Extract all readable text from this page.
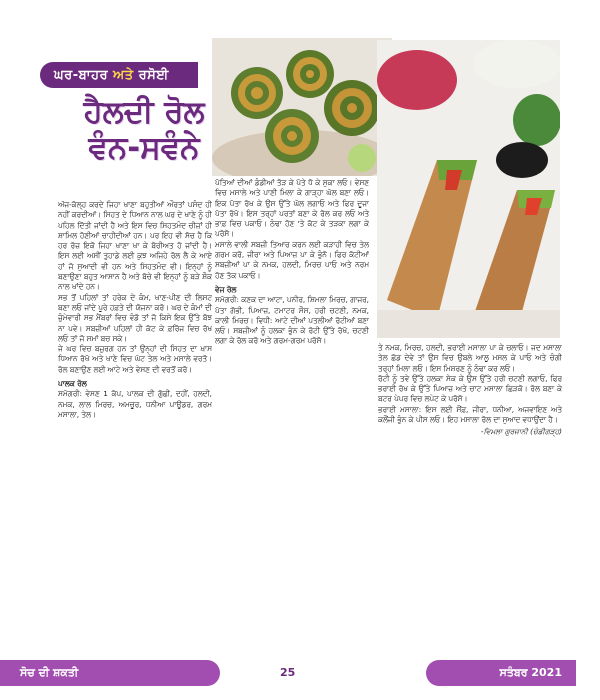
ਘਰ-ਬਾਹਰ ਅਤੇ ਰਸੋਈ
ਹੈਲਦੀ ਰੋਲ
ਵੰਨ-ਸਵੰਨੇ

ਅੱਜ-ਕੱਲ੍ਹ ਕਰਦੇ ਜਿਹਾ ਖਾਣਾ ਬਹੁਤੀਆਂ ਔਰਤਾਂ ਪਸੰਦ ਹੀ ਨਹੀਂ ਕਰਦੀਆਂ। ਸਿਹਤ ਦੇ ਧਿਆਨ ਨਾਲ ਘਰ ਦੇ ਖਾਣੇ ਨੂੰ ਹੀ ਪਹਿਲ ਦਿੱਤੀ ਜਾਂਦੀ ਹੈ ਅਤੇ ਇਸ ਵਿਚ ਸਿਹਤਮੰਦ ਚੀਜ਼ਾਂ ਹੀ ਸ਼ਾਮਿਲ ਹੋਣੀਆਂ ਚਾਹੀਦੀਆਂ ਹਨ। ਪਰ ਇਹ ਵੀ ਸੱਚ ਹੈ ਕਿ ਹਰ ਰੋਜ਼ ਇਕੋ ਜਿਹਾ ਖਾਣਾ ਖਾ ਕੇ ਬੋਰੀਅਤ ਹੋ ਜਾਂਦੀ ਹੈ। ਇਸ ਲਈ ਅਸੀਂ ਤੁਹਾਡੇ ਲਈ ਕੁਝ ਅਜਿਹੇ ਰੋਲ ਲੈ ਕੇ ਆਏ ਹਾਂ ਜੋ ਸੁਆਦੀ ਵੀ ਹਨ ਅਤੇ ਸਿਹਤਮੰਦ ਵੀ। ਇਨ੍ਹਾਂ ਨੂੰ ਬਣਾਉਣਾ ਬਹੁਤ ਆਸਾਨ ਹੈ ਅਤੇ ਬੱਚੇ ਵੀ ਇਨ੍ਹਾਂ ਨੂੰ ਬੜੇ ਸ਼ੌਕ ਨਾਲ ਖਾਂਦੇ ਹਨ।

ਸਭ ਤੋਂ ਪਹਿਲਾਂ ਤਾਂ ਹਰੇਕ ਦੇ ਕੰਮ, ਖਾਣ-ਪੀਣ ਦੀ ਲਿਸਟ ਬਣਾ ਲਓ ਜਾਂਦੇ ਪੂਰੇ ਹਫ਼ਤੇ ਦੀ ਯੋਜਨਾ ਕਰੋ। ਘਰ ਦੇ ਕੰਮਾਂ ਦੀ ਜ਼ੁੰਮੇਵਾਰੀ ਸਭ ਮੈਂਬਰਾਂ ਵਿਚ ਵੰਡੋ ਤਾਂ ਜੋ ਕਿਸੇ ਇਕ ਉੱਤੇ ਬੋਝ ਨਾ ਪਵੇ। ਸਬਜ਼ੀਆਂ ਪਹਿਲਾਂ ਹੀ ਕੱਟ ਕੇ ਫ਼ਰਿੱਜ ਵਿਚ ਰੱਖ ਲਓ ਤਾਂ ਜੋ ਸਮਾਂ ਬਚ ਸਕੇ।

ਜੇ ਘਰ ਵਿਚ ਬਜ਼ੁਰਗ ਹਨ ਤਾਂ ਉਨ੍ਹਾਂ ਦੀ ਸਿਹਤ ਦਾ ਖ਼ਾਸ ਧਿਆਨ ਰੱਖੋ ਅਤੇ ਖਾਣੇ ਵਿਚ ਘੱਟ ਤੇਲ ਅਤੇ ਮਸਾਲੇ ਵਰਤੋ। ਰੋਲ ਬਣਾਉਣ ਲਈ ਆਟੇ ਅਤੇ ਵੇਸਣ ਦੀ ਵਰਤੋਂ ਕਰੋ।

ਪਾਲਕ ਰੋਲ

ਸਮੱਗਰੀ: ਵੇਸਣ 1 ਕੱਪ, ਪਾਲਕ ਦੀ ਗੁੱਛੀ, ਦਹੀਂ, ਹਲਦੀ, ਨਮਕ, ਲਾਲ ਮਿਰਚ, ਅਮਚੂਰ, ਧਨੀਆ ਪਾਊਡਰ, ਗਰਮ ਮਸਾਲਾ, ਤੇਲ।

ਪੱਤਿਆਂ ਦੀਆਂ ਡੰਡੀਆਂ ਤੋੜ ਕੇ ਪੱਤੇ ਧੋ ਕੇ ਸੁਕਾ ਲਓ। ਵੇਸਣ ਵਿਚ ਮਸਾਲੇ ਅਤੇ ਪਾਣੀ ਮਿਲਾ ਕੇ ਗਾੜ੍ਹਾ ਘੋਲ ਬਣਾ ਲਓ। ਇਕ ਪੱਤਾ ਰੱਖ ਕੇ ਉਸ ਉੱਤੇ ਘੋਲ ਲਗਾਓ ਅਤੇ ਫਿਰ ਦੂਜਾ ਪੱਤਾ ਰੱਖੋ। ਇਸ ਤਰ੍ਹਾਂ ਪਰਤਾਂ ਬਣਾ ਕੇ ਰੋਲ ਕਰ ਲਓ ਅਤੇ ਭਾਫ਼ ਵਿਚ ਪਕਾਓ। ਠੰਢਾ ਹੋਣ 'ਤੇ ਕੱਟ ਕੇ ਤੜਕਾ ਲਗਾ ਕੇ ਪਰੋਸੋ।

ਮਸਾਲੇ ਵਾਲੀ ਸਬਜ਼ੀ ਤਿਆਰ ਕਰਨ ਲਈ ਕੜਾਹੀ ਵਿਚ ਤੇਲ ਗਰਮ ਕਰੋ, ਜੀਰਾ ਅਤੇ ਪਿਆਜ਼ ਪਾ ਕੇ ਭੁੰਨੋ। ਫਿਰ ਕੱਟੀਆਂ ਸਬਜ਼ੀਆਂ ਪਾ ਕੇ ਨਮਕ, ਹਲਦੀ, ਮਿਰਚ ਪਾਓ ਅਤੇ ਨਰਮ ਹੋਣ ਤੱਕ ਪਕਾਓ।

ਵੇਜ ਰੋਲ

ਸਮੱਗਰੀ: ਕਣਕ ਦਾ ਆਟਾ, ਪਨੀਰ, ਸ਼ਿਮਲਾ ਮਿਰਚ, ਗਾਜਰ, ਪੱਤਾ ਗੋਭੀ, ਪਿਆਜ਼, ਟਮਾਟਰ ਸੌਸ, ਹਰੀ ਚਟਣੀ, ਨਮਕ, ਕਾਲੀ ਮਿਰਚ। ਵਿਧੀ: ਆਟੇ ਦੀਆਂ ਪਤਲੀਆਂ ਰੋਟੀਆਂ ਬਣਾ ਲਓ। ਸਬਜ਼ੀਆਂ ਨੂੰ ਹਲਕਾ ਭੁੰਨ ਕੇ ਰੋਟੀ ਉੱਤੇ ਰੱਖੋ, ਚਟਣੀ ਲਗਾ ਕੇ ਰੋਲ ਕਰੋ ਅਤੇ ਗਰਮ-ਗਰਮ ਪਰੋਸੋ।

ਤੇ ਨਮਕ, ਮਿਰਚ, ਹਲਦੀ, ਭਰਾਈ ਮਸਾਲਾ ਪਾ ਕੇ ਚਲਾਓ। ਜਦ ਮਸਾਲਾ ਤੇਲ ਛੱਡ ਦੇਵੇ ਤਾਂ ਉਸ ਵਿਚ ਉਬਲੇ ਆਲੂ ਮਸਲ ਕੇ ਪਾਓ ਅਤੇ ਚੰਗੀ ਤਰ੍ਹਾਂ ਮਿਲਾ ਲਓ। ਇਸ ਮਿਸ਼ਰਣ ਨੂੰ ਠੰਢਾ ਕਰ ਲਓ।

ਰੋਟੀ ਨੂੰ ਤਵੇ ਉੱਤੇ ਹਲਕਾ ਸੇਕ ਕੇ ਉਸ ਉੱਤੇ ਹਰੀ ਚਟਣੀ ਲਗਾਓ, ਫਿਰ ਭਰਾਈ ਰੱਖ ਕੇ ਉੱਤੇ ਪਿਆਜ਼ ਅਤੇ ਚਾਟ ਮਸਾਲਾ ਛਿੜਕੋ। ਰੋਲ ਬਣਾ ਕੇ ਬਟਰ ਪੇਪਰ ਵਿਚ ਲਪੇਟ ਕੇ ਪਰੋਸੋ।

ਭਰਾਈ ਮਸਾਲਾ: ਇਸ ਲਈ ਸੌਂਫ਼, ਜੀਰਾ, ਧਨੀਆ, ਅਜਵਾਇਣ ਅਤੇ ਕਲੌਂਜੀ ਭੁੰਨ ਕੇ ਪੀਸ ਲਓ। ਇਹ ਮਸਾਲਾ ਰੋਲ ਦਾ ਸੁਆਦ ਵਧਾਉਂਦਾ ਹੈ।

-ਵਿਮਲਾ ਗੁਰਜਾਨੀ (ਚੰਡੀਗੜ੍ਹ)

ਸੋਚ ਦੀ ਸ਼ਕਤੀ	25	ਸਤੰਬਰ 2021
